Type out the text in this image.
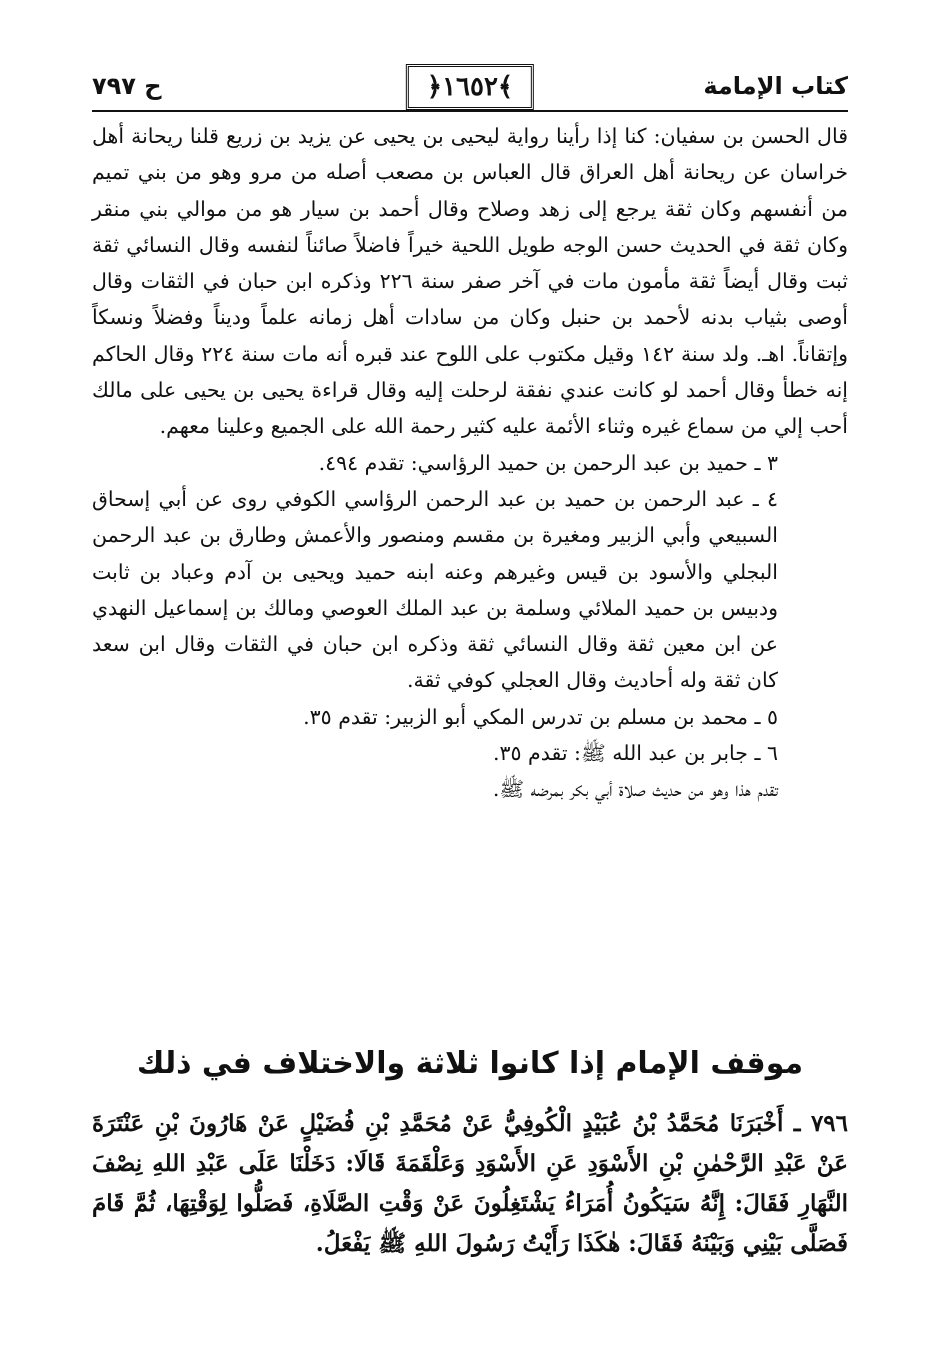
كتاب الإمامة
﴾١٦٥٢﴿
ح ٧٩٧

قال الحسن بن سفيان: كنا إذا رأينا رواية ليحيى بن يحيى عن يزيد بن زريع قلنا ريحانة أهل خراسان عن ريحانة أهل العراق قال العباس بن مصعب أصله من مرو وهو من بني تميم من أنفسهم وكان ثقة يرجع إلى زهد وصلاح وقال أحمد بن سيار هو من موالي بني منقر وكان ثقة في الحديث حسن الوجه طويل اللحية خيراً فاضلاً صائناً لنفسه وقال النسائي ثقة ثبت وقال أيضاً ثقة مأمون مات في آخر صفر سنة ٢٢٦ وذكره ابن حبان في الثقات وقال أوصى بثياب بدنه لأحمد بن حنبل وكان من سادات أهل زمانه علماً وديناً وفضلاً ونسكاً وإتقاناً. اهـ. ولد سنة ١٤٢ وقيل مكتوب على اللوح عند قبره أنه مات سنة ٢٢٤ وقال الحاكم إنه خطأ وقال أحمد لو كانت عندي نفقة لرحلت إليه وقال قراءة يحيى بن يحيى على مالك أحب إلي من سماع غيره وثناء الأئمة عليه كثير رحمة الله على الجميع وعلينا معهم.

٣ ـ حميد بن عبد الرحمن بن حميد الرؤاسي: تقدم ٤٩٤.

٤ ـ عبد الرحمن بن حميد بن عبد الرحمن الرؤاسي الكوفي روى عن أبي إسحاق السبيعي وأبي الزبير ومغيرة بن مقسم ومنصور والأعمش وطارق بن عبد الرحمن البجلي والأسود بن قيس وغيرهم وعنه ابنه حميد ويحيى بن آدم وعباد بن ثابت ودبيس بن حميد الملائي وسلمة بن عبد الملك العوصي ومالك بن إسماعيل النهدي عن ابن معين ثقة وقال النسائي ثقة وذكره ابن حبان في الثقات وقال ابن سعد كان ثقة وله أحاديث وقال العجلي كوفي ثقة.

٥ ـ محمد بن مسلم بن تدرس المكي أبو الزبير: تقدم ٣٥.

٦ ـ جابر بن عبد الله ﷺ: تقدم ٣٥.

تقدم هذا وهو من حديث صلاة أبي بكر بمرضه ﷺ.

موقف الإمام إذا كانوا ثلاثة والاختلاف في ذلك

٧٩٦ ـ أَخْبَرَنَا مُحَمَّدُ بْنُ عُبَيْدٍ الْكُوفِيُّ عَنْ مُحَمَّدِ بْنِ فُضَيْلٍ عَنْ هَارُونَ بْنِ عَنْتَرَةَ عَنْ عَبْدِ الرَّحْمٰنِ بْنِ الأَسْوَدِ عَنِ الأَسْوَدِ وَعَلْقَمَةَ قَالَا: دَخَلْنَا عَلَى عَبْدِ اللهِ نِصْفَ النَّهَارِ فَقَالَ: إِنَّهُ سَيَكُونُ أُمَرَاءُ يَشْتَغِلُونَ عَنْ وَقْتِ الصَّلَاةِ، فَصَلُّوا لِوَقْتِهَا، ثُمَّ قَامَ فَصَلَّى بَيْنِي وَبَيْنَهُ فَقَالَ: هٰكَذَا رَأَيْتُ رَسُولَ اللهِ ﷺ يَفْعَلُ.
